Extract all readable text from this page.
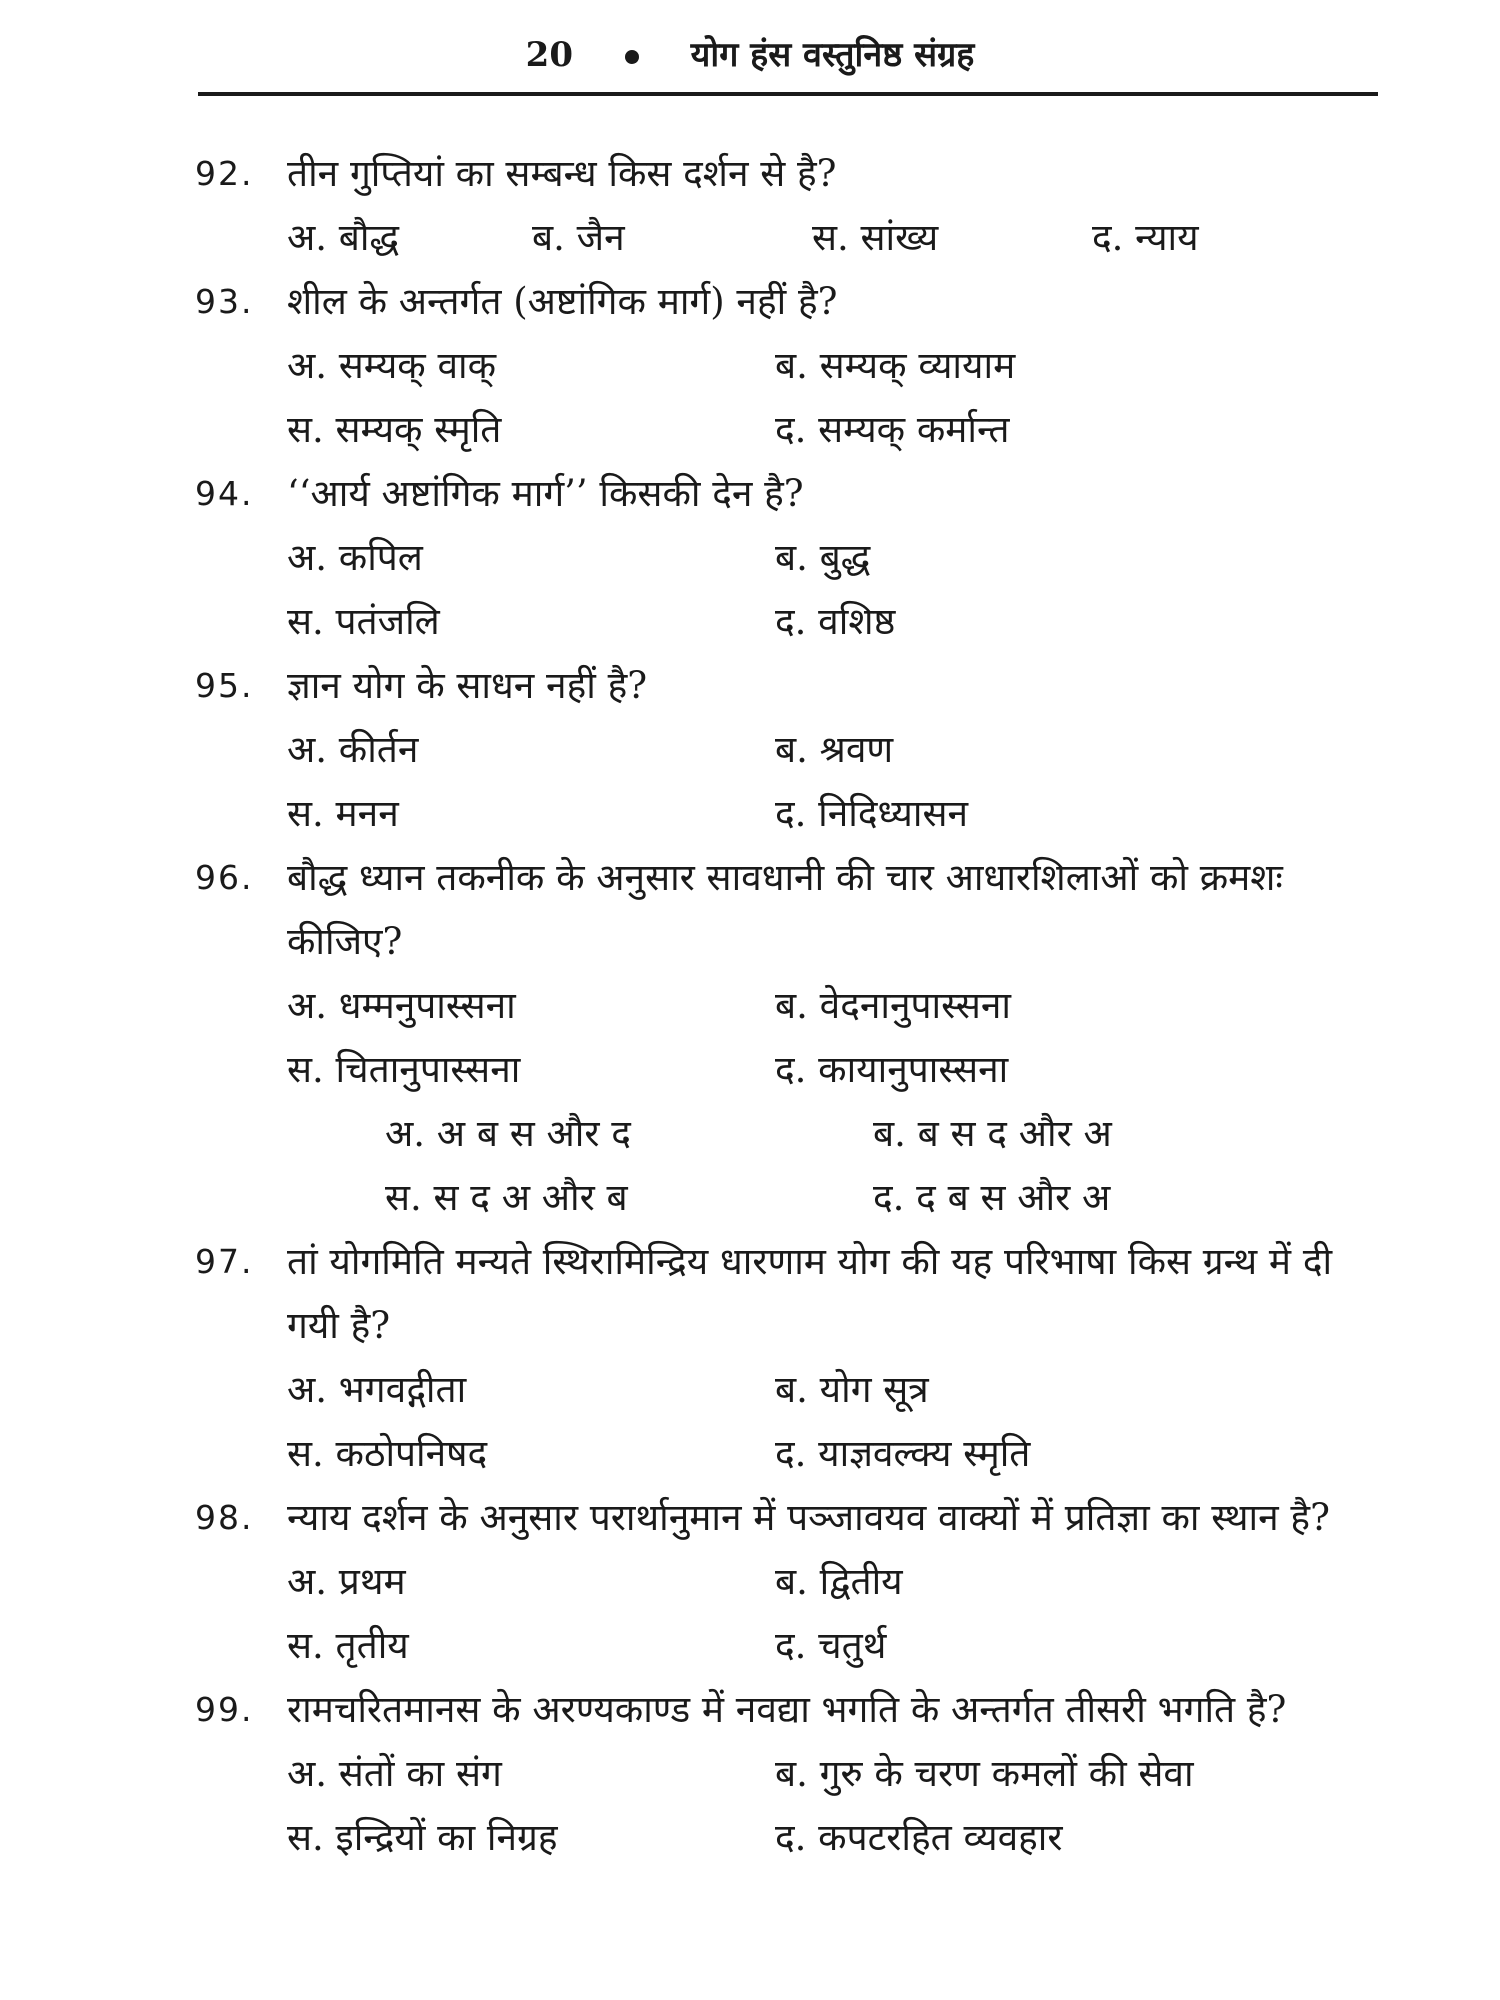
20	योग हंस वस्तुनिष्ठ संग्रह
92. तीन गुप्तियां का सम्बन्ध किस दर्शन से है?
अ. बौद्ध	ब. जैन	स. सांख्य	द. न्याय
93. शील के अन्तर्गत (अष्टांगिक मार्ग) नहीं है?
अ. सम्यक् वाक्	ब. सम्यक् व्यायाम
स. सम्यक् स्मृति	द. सम्यक् कर्मान्त
94. ‘‘आर्य अष्टांगिक मार्ग’’ किसकी देन है?
अ. कपिल	ब. बुद्ध
स. पतंजलि	द. वशिष्ठ
95. ज्ञान योग के साधन नहीं है?
अ. कीर्तन	ब. श्रवण
स. मनन	द. निदिध्यासन
96. बौद्ध ध्यान तकनीक के अनुसार सावधानी की चार आधारशिलाओं को क्रमशः कीजिए?
अ. धम्मनुपास्सना	ब. वेदनानुपास्सना
स. चितानुपास्सना	द. कायानुपास्सना
अ. अ ब स और द	ब. ब स द और अ
स. स द अ और ब	द. द ब स और अ
97. तां योगमिति मन्यते स्थिरामिन्द्रिय धारणाम योग की यह परिभाषा किस ग्रन्थ में दी गयी है?
अ. भगवद्गीता	ब. योग सूत्र
स. कठोपनिषद	द. याज्ञवल्क्य स्मृति
98. न्याय दर्शन के अनुसार परार्थानुमान में पञ्जावयव वाक्यों में प्रतिज्ञा का स्थान है?
अ. प्रथम	ब. द्वितीय
स. तृतीय	द. चतुर्थ
99. रामचरितमानस के अरण्यकाण्ड में नवद्या भगति के अन्तर्गत तीसरी भगति है?
अ. संतों का संग	ब. गुरु के चरण कमलों की सेवा
स. इन्द्रियों का निग्रह	द. कपटरहित व्यवहार
